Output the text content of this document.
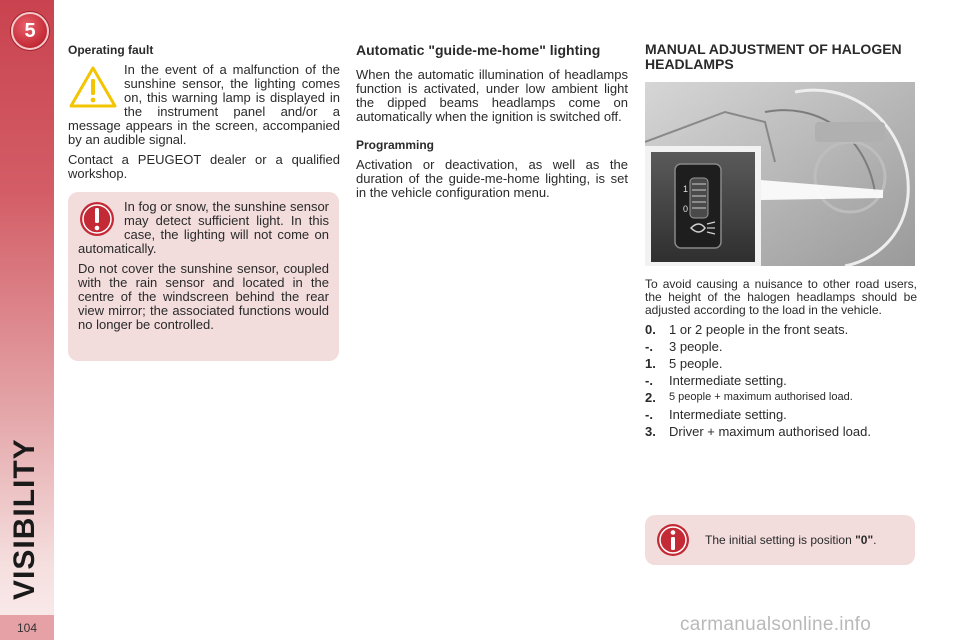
5
VISIBILITY
104
Operating fault

In the event of a malfunction of the sunshine sensor, the lighting comes on, this warning lamp is displayed in the instrument panel and/or a message appears in the screen, accompanied by an audible signal.

Contact a PEUGEOT dealer or a qualified workshop.

In fog or snow, the sunshine sensor may detect sufficient light. In this case, the lighting will not come on automatically.

Do not cover the sunshine sensor, coupled with the rain sensor and located in the centre of the windscreen behind the rear view mirror; the associated functions would no longer be controlled.

Automatic "guide-me-home" lighting

When the automatic illumination of headlamps function is activated, under low ambient light the dipped beams headlamps come on automatically when the ignition is switched off.

Programming

Activation or deactivation, as well as the duration of the guide-me-home lighting, is set in the vehicle configuration menu.

MANUAL ADJUSTMENT OF HALOGEN HEADLAMPS
1
0

To avoid causing a nuisance to other road users, the height of the halogen headlamps should be adjusted according to the load in the vehicle.

0.	1 or 2 people in the front seats.
-.	3 people.
1.	5 people.
-.	Intermediate setting.
2.	5 people + maximum authorised load.
-.	Intermediate setting.
3.	Driver + maximum authorised load.
The initial setting is position "0".
carmanualsonline.info
